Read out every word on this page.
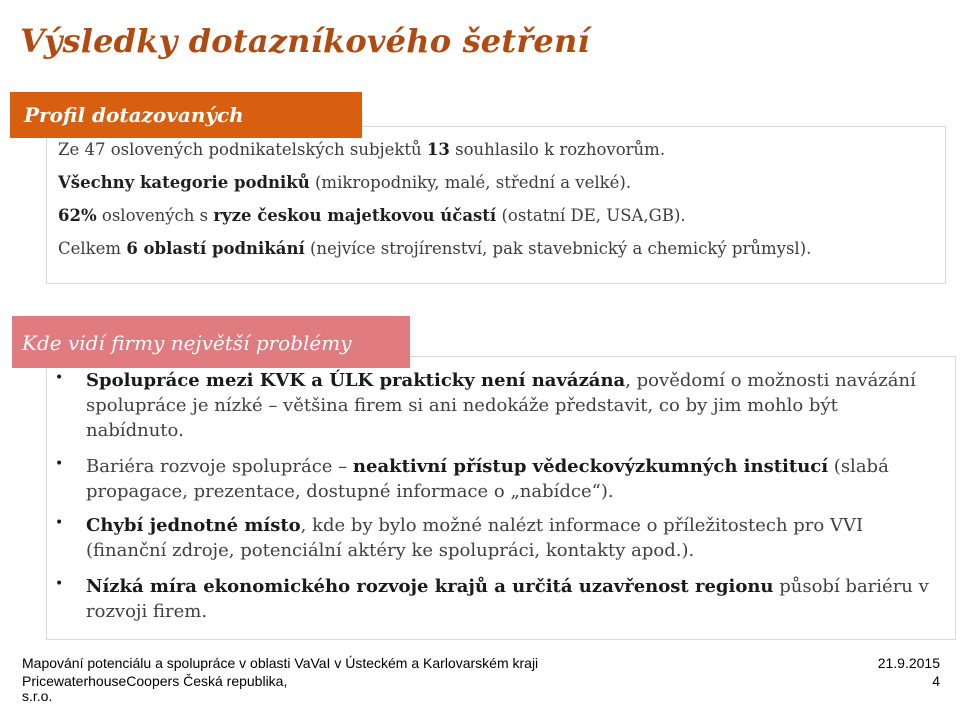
Výsledky dotazníkového šetření
Profil dotazovaných
Ze 47 oslovených podnikatelských subjektů 13 souhlasilo k rozhovorům.
Všechny kategorie podniků (mikropodniky, malé, střední a velké).
62% oslovených s ryze českou majetkovou účastí (ostatní DE, USA,GB).
Celkem 6 oblastí podnikání (nejvíce strojírenství, pak stavebnický a chemický průmysl).
Kde vidí firmy největší problémy
• Spolupráce mezi KVK a ÚLK prakticky není navázána, povědomí o možnosti navázání spolupráce je nízké – většina firem si ani nedokáže představit, co by jim mohlo být nabídnuto.
• Bariéra rozvoje spolupráce – neaktivní přístup vědeckovýzkumných institucí (slabá propagace, prezentace, dostupné informace o „nabídce“).
• Chybí jednotné místo, kde by bylo možné nalézt informace o příležitostech pro VVI (finanční zdroje, potenciální aktéry ke spolupráci, kontakty apod.).
• Nízká míra ekonomického rozvoje krajů a určitá uzavřenost regionu působí bariéru v rozvoji firem.
Mapování potenciálu a spolupráce v oblasti VaVaI v Ústeckém a Karlovarském kraji
PricewaterhouseCoopers Česká republika,
s.r.o.
21.9.2015
4
